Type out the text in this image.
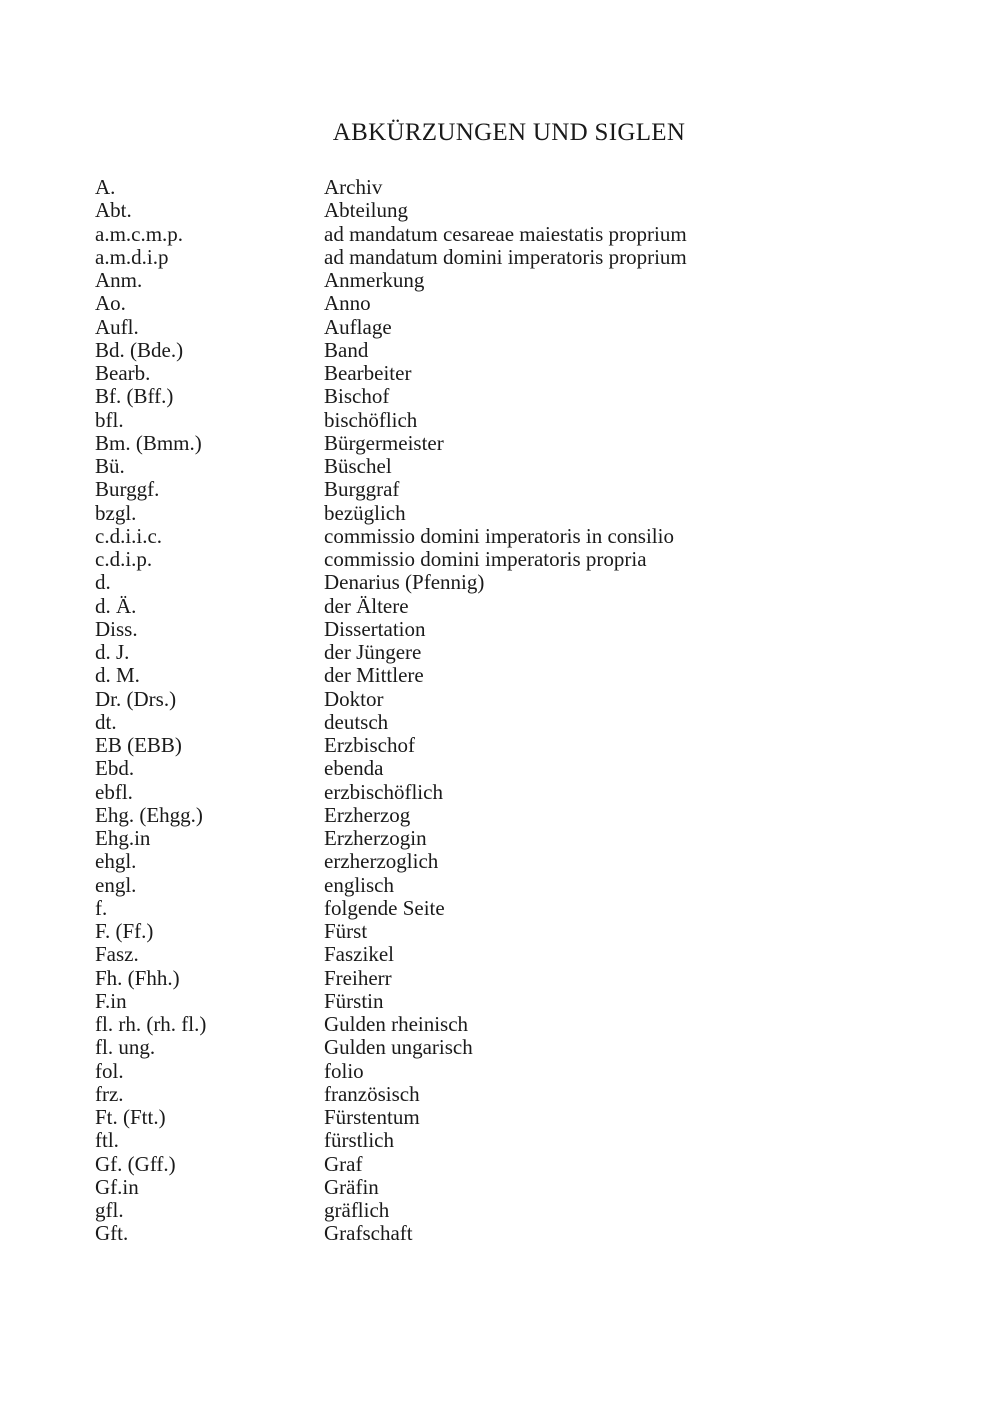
ABKÜRZUNGEN UND SIGLEN
A.	Archiv
Abt.	Abteilung
a.m.c.m.p.	ad mandatum cesareae maiestatis proprium
a.m.d.i.p	ad mandatum domini imperatoris proprium
Anm.	Anmerkung
Ao.	Anno
Aufl.	Auflage
Bd. (Bde.)	Band
Bearb.	Bearbeiter
Bf. (Bff.)	Bischof
bfl.	bischöflich
Bm. (Bmm.)	Bürgermeister
Bü.	Büschel
Burggf.	Burggraf
bzgl.	bezüglich
c.d.i.i.c.	commissio domini imperatoris in consilio
c.d.i.p.	commissio domini imperatoris propria
d.	Denarius (Pfennig)
d. Ä.	der Ältere
Diss.	Dissertation
d. J.	der Jüngere
d. M.	der Mittlere
Dr. (Drs.)	Doktor
dt.	deutsch
EB (EBB)	Erzbischof
Ebd.	ebenda
ebfl.	erzbischöflich
Ehg. (Ehgg.)	Erzherzog
Ehg.in	Erzherzogin
ehgl.	erzherzoglich
engl.	englisch
f.	folgende Seite
F. (Ff.)	Fürst
Fasz.	Faszikel
Fh. (Fhh.)	Freiherr
F.in	Fürstin
fl. rh. (rh. fl.)	Gulden rheinisch
fl. ung.	Gulden ungarisch
fol.	folio
frz.	französisch
Ft. (Ftt.)	Fürstentum
ftl.	fürstlich
Gf. (Gff.)	Graf
Gf.in	Gräfin
gfl.	gräflich
Gft.	Grafschaft
